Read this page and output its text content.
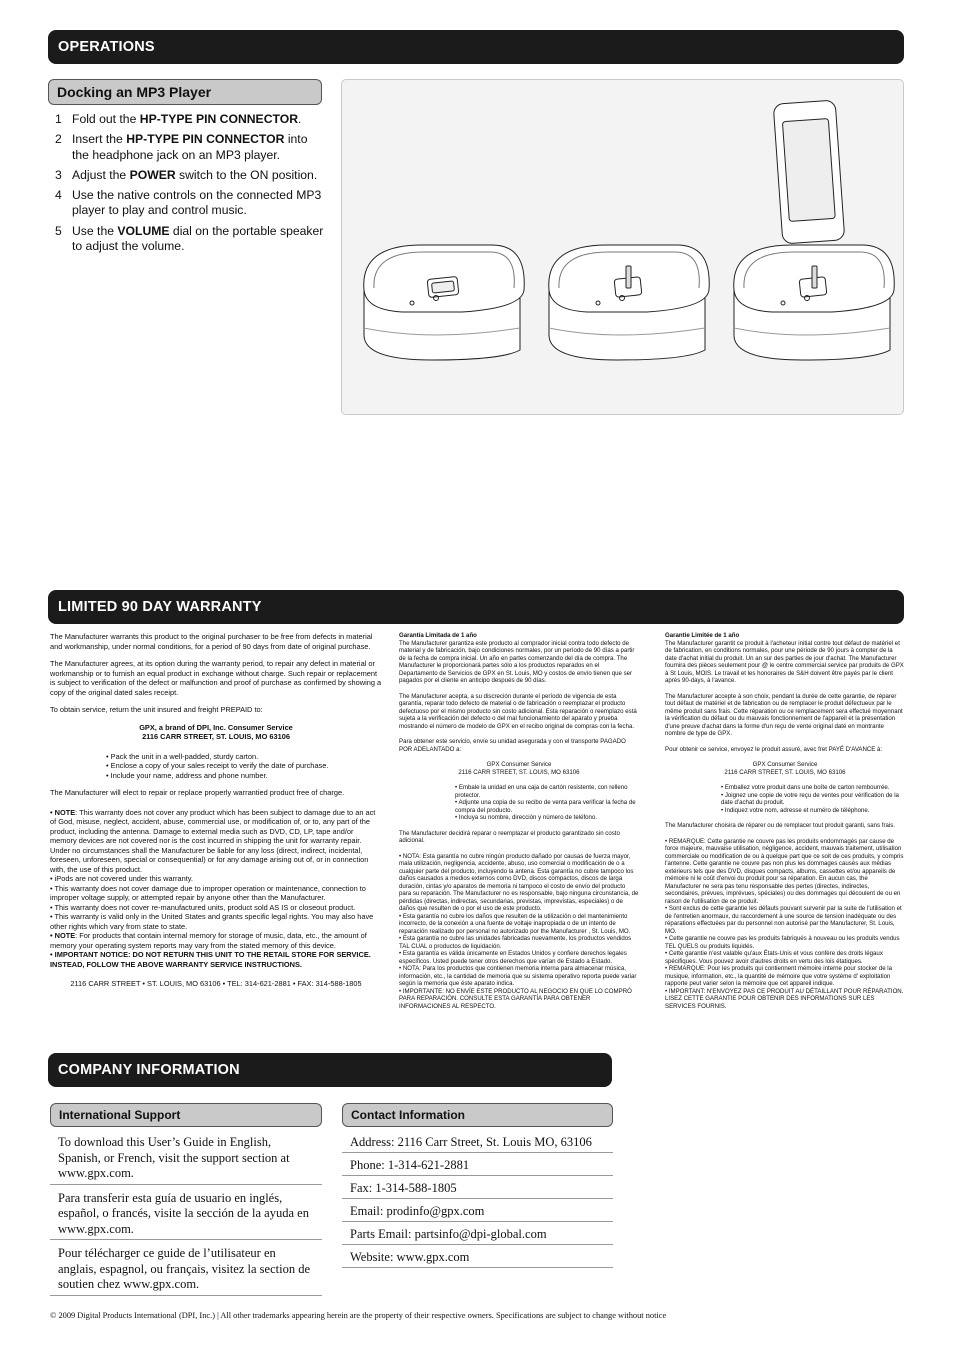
OPERATIONS
Docking an MP3 Player
1 Fold out the HP-TYPE PIN CONNECTOR.
2 Insert the HP-TYPE PIN CONNECTOR into the headphone jack on an MP3 player.
3 Adjust the POWER switch to the ON position.
4 Use the native controls on the connected MP3 player to play and control music.
5 Use the VOLUME dial on the portable speaker to adjust the volume.
LIMITED 90 DAY WARRANTY

The Manufacturer warrants this product to the original purchaser to be free from defects in material and workmanship, under normal conditions, for a period of 90 days from date of original purchase.

The Manufacturer agrees, at its option during the warranty period, to repair any defect in material or workmanship or to furnish an equal product in exchange without charge. Such repair or replacement is subject to verification of the defect or malfunction and proof of purchase as confirmed by showing a copy of the original dated sales receipt.

To obtain service, return the unit insured and freight PREPAID to:

GPX, a brand of DPI, Inc. Consumer Service
2116 CARR STREET, ST. LOUIS, MO 63106
• Pack the unit in a well-padded, sturdy carton.
• Enclose a copy of your sales receipt to verify the date of purchase.
• Include your name, address and phone number.

The Manufacturer will elect to repair or replace properly warrantied product free of charge.

• NOTE: This warranty does not cover any product which has been subject to damage due to an act of God, misuse, neglect, accident, abuse, commercial use, or modification of, or to, any part of the product, including the antenna. Damage to external media such as DVD, CD, LP, tape and/or memory devices are not covered nor is the cost incurred in shipping the unit for warranty repair. Under no circumstances shall the Manufacturer be liable for any loss (direct, indirect, incidental, foreseen, unforeseen, special or consequential) or for any damage arising out of, or in connection with, the use of this product.
• iPods are not covered under this warranty.
• This warranty does not cover damage due to improper operation or maintenance, connection to improper voltage supply, or attempted repair by anyone other than the Manufacturer.
• This warranty does not cover re-manufactured units, product sold AS IS or closeout product.
• This warranty is valid only in the United States and grants specific legal rights. You may also have other rights which vary from state to state.
• NOTE: For products that contain internal memory for storage of music, data, etc., the amount of memory your operating system reports may vary from the stated memory of this device.
• IMPORTANT NOTICE: DO NOT RETURN THIS UNIT TO THE RETAIL STORE FOR SERVICE. INSTEAD, FOLLOW THE ABOVE WARRANTY SERVICE INSTRUCTIONS.
2116 CARR STREET • ST. LOUIS, MO 63106 • TEL: 314-621-2881 • FAX: 314-588-1805
Garantía Limitada de 1 año

The Manufacturer garantiza este producto al comprador inicial contra todo defecto de material y de fabricación, bajo condiciones normales, por un período de 90 días a partir de la fecha de compra inicial. Un año en partes comenzando del día de compra. The Manufacturer le proporcionará partes sólo a los productos reparados en el Departamento de Servicios de GPX en St. Louis, MO y costos de envío tienen que ser pagados por el cliente en anticipo después de 90 días.

The Manufacturer acepta, a su discreción durante el período de vigencia de esta garantía, reparar todo defecto de material o de fabricación o reemplazar el producto defectuoso por el mismo producto sin costo adicional. Esta reparación o reemplazo está sujeta a la verificación del defecto o del mal funcionamiento del aparato y prueba mostrando el número de modelo de GPX en el recibo original de compras con la fecha.

Para obtener este servicio, envíe su unidad asegurada y con el transporte PAGADO POR ADELANTADO a:

GPX Consumer Service
2116 CARR STREET, ST. LOUIS, MO 63106
• Embale la unidad en una caja de cartón resistente, con relleno protector.
• Adjunte una copia de su recibo de venta para verificar la fecha de compra del producto.
• Incluya su nombre, dirección y número de teléfono.

The Manufacturer decidirá reparar o reemplazar el producto garantizado sin costo adicional.

• NOTA: Esta garantía no cubre ningún producto dañado por causas de fuerza mayor, mala utilización, negligencia, accidente, abuso, uso comercial o modificación de o a cualquier parte del producto, incluyendo la antena. Esta garantía no cubre tampoco los daños causados a medios externos como DVD, discos compactos, discos de larga duración, cintas y/o aparatos de memoria ni tampoco el costo de envío del producto para su reparación. The Manufacturer no es responsable, bajo ninguna circunstancia, de pérdidas (directas, indirectas, secundarias, previstas, imprevistas, especiales) o de daños que resulten de o por el uso de este producto.
• Esta garantía no cubre los daños que resulten de la utilización o del mantenimiento incorrecto, de la conexión a una fuente de voltaje inapropiada o de un intento de reparación realizado por personal no autorizado por the Manufacturer , St. Louis, MO.
• Esta garantía no cubre las unidades fabricadas nuevamente, los productos vendidos TAL CUAL o productos de liquidación.
• Esta garantía es válida únicamente en Estados Unidos y confiere derechos legales específicos. Usted puede tener otros derechos que varían de Estado a Estado.
• NOTA: Para los productos que contienen memoria interna para almacenar música, información, etc., la cantidad de memoria que su sistema operativo reporta puede variar según la memoria que éste aparato indica.
• IMPORTANTE: NO ENVÍE ESTE PRODUCTO AL NEGOCIO EN QUE LO COMPRÓ PARA REPARACIÓN. CONSULTE ESTA GARANTÍA PARA OBTENER INFORMACIONES AL RESPECTO.
Garantie Limitée de 1 año

The Manufacturer garantit ce produit à l'acheteur initial contre tout défaut de matériel et de fabrication, en conditions normales, pour une période de 90 jours à compter de la date d'achat initial du produit. Un an sur des parties de jour d'achat. The Manufacturer fournira des pièces seulement pour @ le centre commercial service par produits de GPX à St Louis, MOIS. Le travail et les honoraires de S&H doivent être payés par le client après 90-days, à l'avance.

The Manufacturer accepte à son choix, pendant la durée de cette garantie, de réparer tout défaut de matériel et de fabrication ou de remplacer le produit défectueux par le même produit sans frais. Cette réparation ou ce remplacement sera effectué moyennant la vérification du défaut ou du mauvais fonctionnement de l'appareil et la présentation d'une preuve d'achat dans la forme d'un reçu de vente original daté en montrante nombre de type de GPX.

Pour obtenir ce service, envoyez le produit assuré, avec fret PAYÉ D'AVANCE à:

GPX Consumer Service
2116 CARR STREET, ST. LOUIS, MO 63106
• Emballez votre produit dans une boîte de carton rembourrée.
• Joignez une copie de votre reçu de ventes pour vérification de la date d'achat du produit.
• Indiquez votre nom, adresse et numéro de téléphone.

The Manufacturer choisira de réparer ou de remplacer tout produit garanti, sans frais.

• REMARQUE: Cette garantie ne couvre pas les produits endommagés par cause de force majeure, mauvaise utilisation, négligence, accident, mauvais traitement, utilisation commerciale ou modification de ou à quelque part que ce soit de ces produits, y compris l'antenne. Cette garantie ne couvre pas non plus les dommages causés aux médias extérieurs tels que des DVD, disques compacts, albums, cassettes et/ou appareils de mémoire ni le coût d'envoi du produit pour sa réparation. En aucun cas, the Manufacturer ne sera pas tenu responsable des pertes (directes, indirectes, secondaires, prévues, imprévues, spéciales) ou des dommages qui découlent de ou en raison de l'utilisation de ce produit.
• Sont exclus de cette garantie les défauts pouvant survenir par la suite de l'utilisation et de l'entretien anormaux, du raccordement à une source de tension inadéquate ou des réparations effectuées par du personnel non autorisé par the Manufacturer, St. Louis, MO.
• Cette garantie ne couvre pas les produits fabriqués à nouveau ou les produits vendus TEL QUELS ou produits liquidés.
• Cette garantie n'est valable qu'aux États-Unis et vous confère des droits légaux spécifiques. Vous pouvez avoir d'autres droits en vertu des lois étatiques.
• REMARQUE: Pour les produits qui contiennent mémoire interne pour stocker de la musique, information, etc., la quantité de mémoire que votre système d' exploitation rapporte peut varier selon la mémoire que cet appareil indique.
• IMPORTANT: N'ENVOYEZ PAS CE PRODUIT AU DÉTAILLANT POUR RÉPARATION. LISEZ CETTE GARANTIE POUR OBTENIR DES INFORMATIONS SUR LES SERVICES FOURNIS.
COMPANY INFORMATION
International Support	Contact Information
To download this User’s Guide in English, Spanish, or French, visit the support section at www.gpx.com.
Para transferir esta guía de usuario en inglés, español, o francés, visite la sección de la ayuda en www.gpx.com.
Pour télécharger ce guide de l’utilisateur en anglais, espagnol, ou français, visitez la section de soutien chez www.gpx.com.
Address: 2116 Carr Street, St. Louis MO, 63106
Phone: 1-314-621-2881
Fax: 1-314-588-1805
Email: prodinfo@gpx.com
Parts Email: partsinfo@dpi-global.com
Website: www.gpx.com
© 2009 Digital Products International (DPI, Inc.) | All other trademarks appearing herein are the property of their respective owners. Specifications are subject to change without notice
